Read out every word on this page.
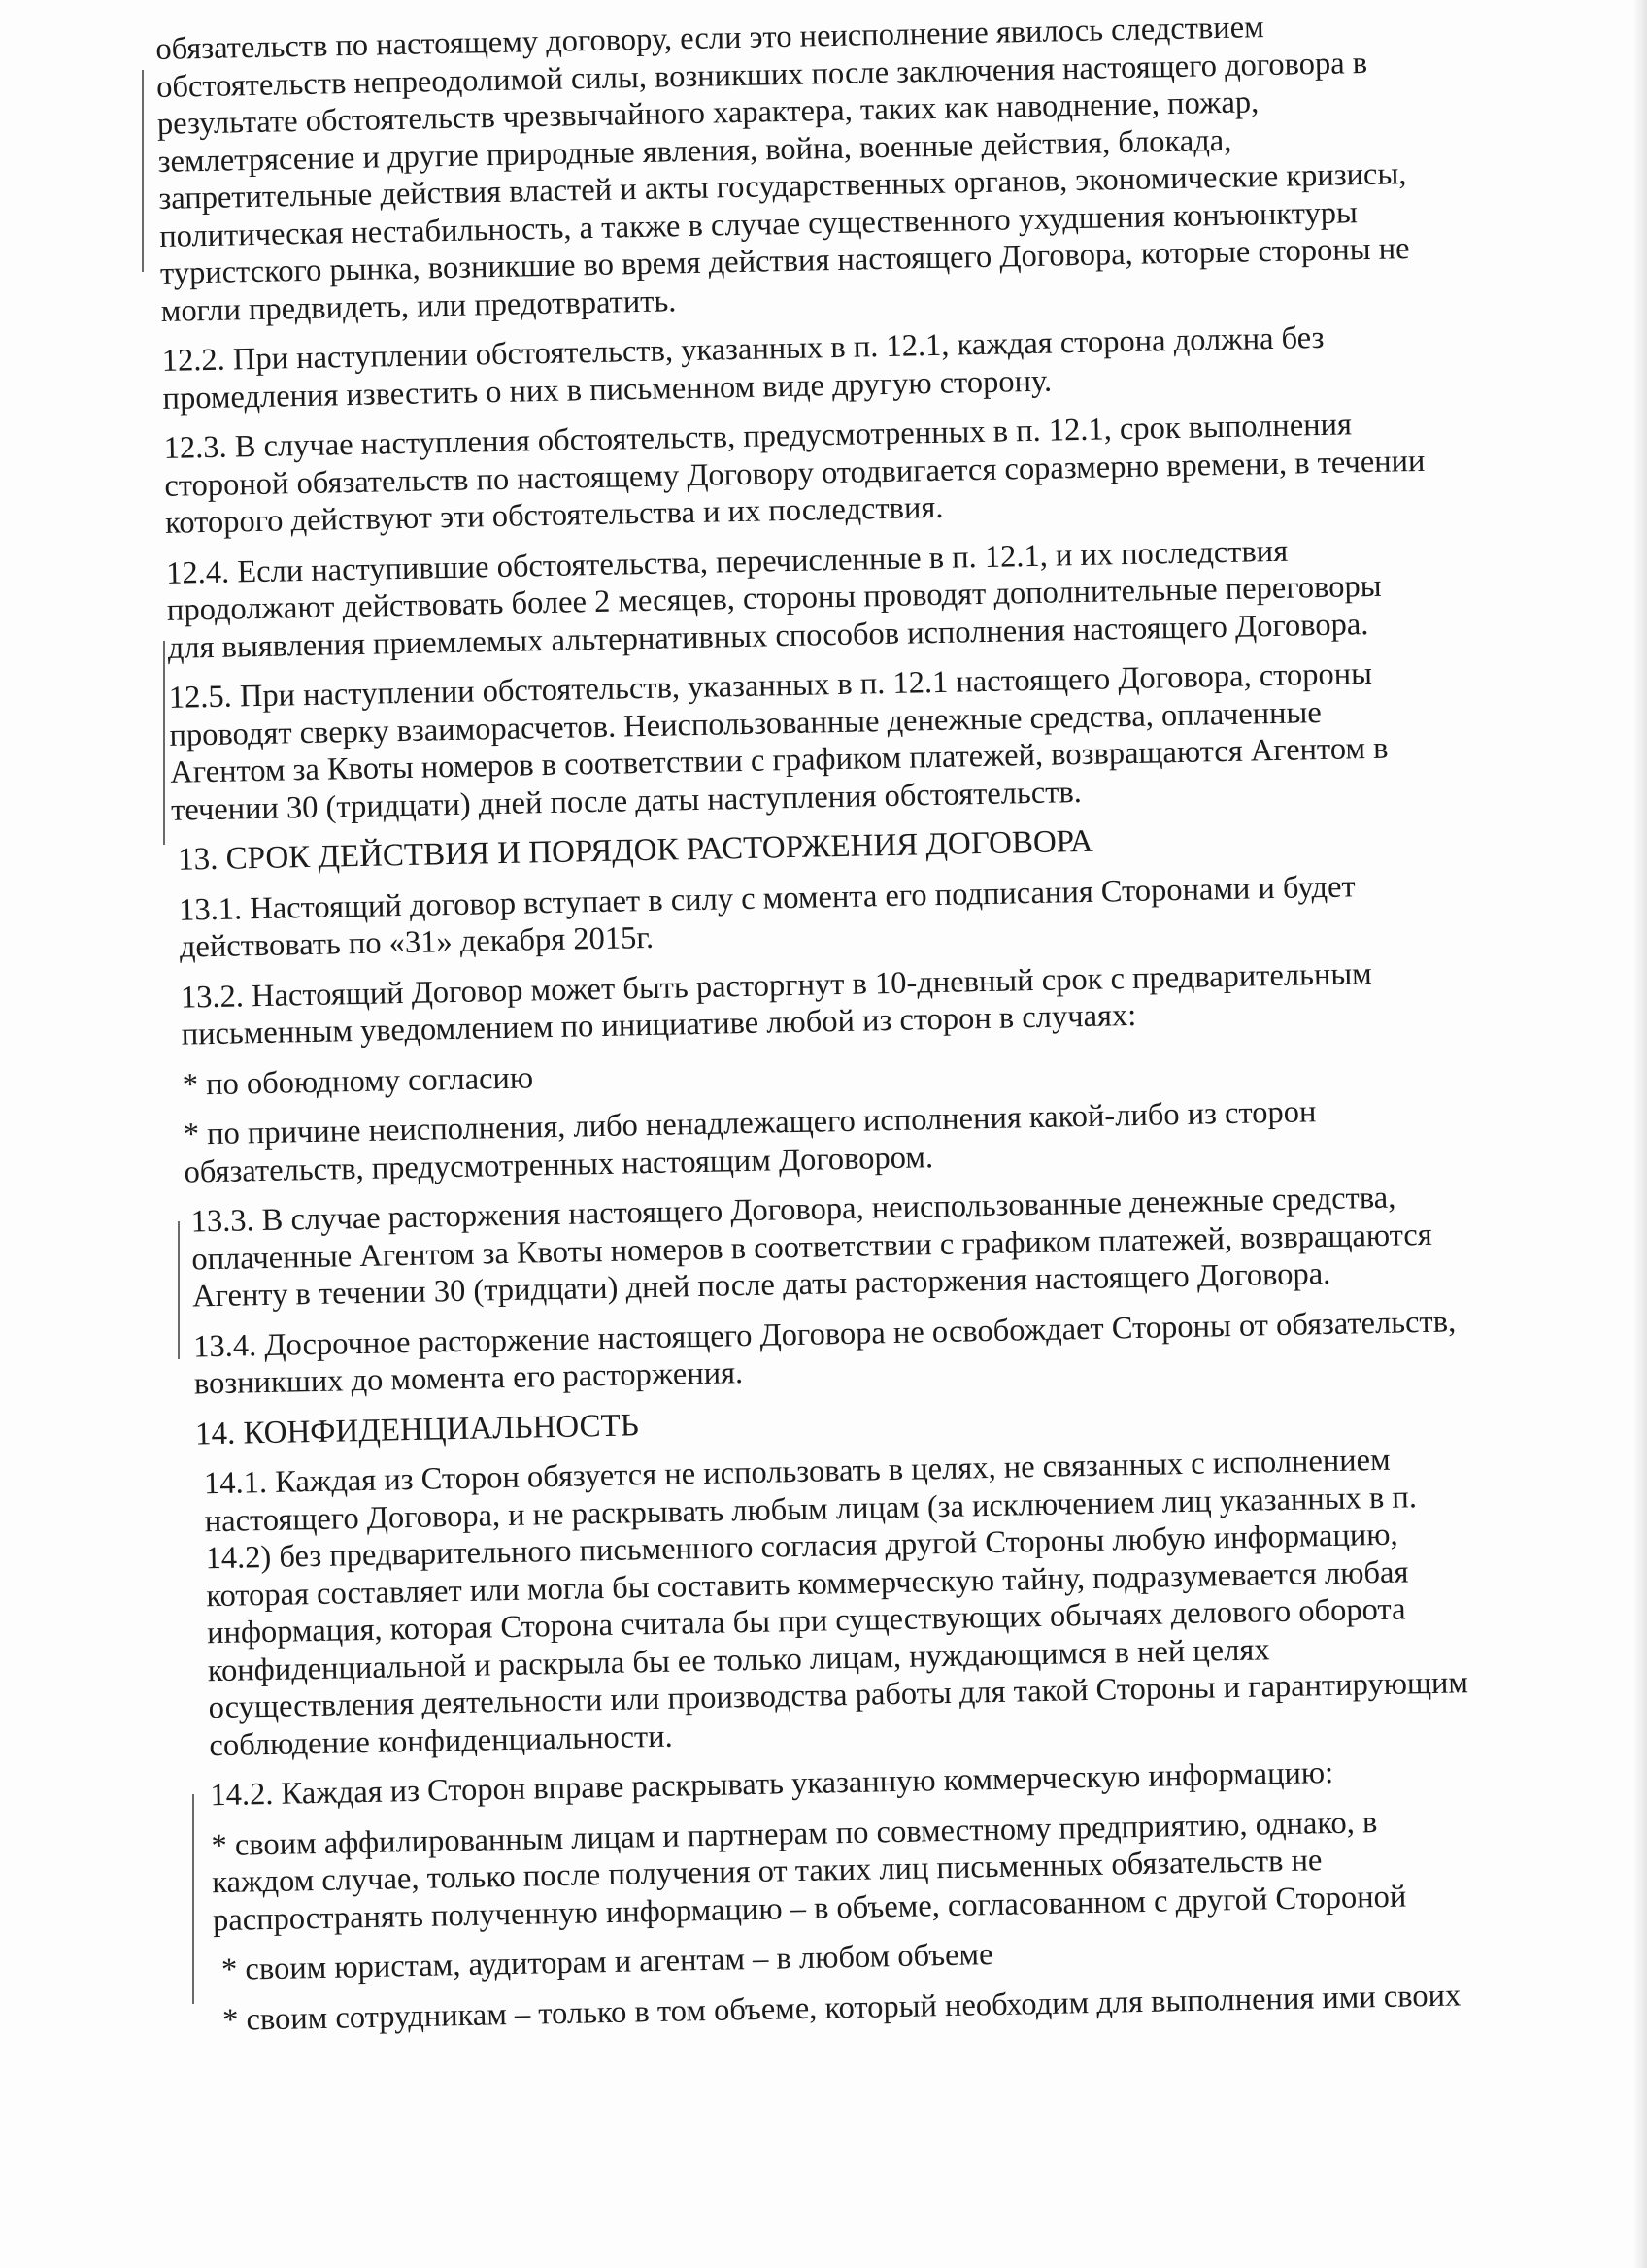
обязательств по настоящему договору, если это неисполнение явилось следствием
обстоятельств непреодолимой силы, возникших после заключения настоящего договора в
результате обстоятельств чрезвычайного характера, таких как наводнение, пожар,
землетрясение и другие природные явления, война, военные действия, блокада,
запретительные действия властей и акты государственных органов, экономические кризисы,
политическая нестабильность, а также в случае существенного ухудшения конъюнктуры
туристского рынка, возникшие во время действия настоящего Договора, которые стороны не
могли предвидеть, или предотвратить.

12.2. При наступлении обстоятельств, указанных в п. 12.1, каждая сторона должна без
промедления известить о них в письменном виде другую сторону.

12.3. В случае наступления обстоятельств, предусмотренных в п. 12.1, срок выполнения
стороной обязательств по настоящему Договору отодвигается соразмерно времени, в течении
которого действуют эти обстоятельства и их последствия.

12.4. Если наступившие обстоятельства, перечисленные в п. 12.1, и их последствия
продолжают действовать более 2 месяцев, стороны проводят дополнительные переговоры
для выявления приемлемых альтернативных способов исполнения настоящего Договора.

12.5. При наступлении обстоятельств, указанных в п. 12.1 настоящего Договора, стороны
проводят сверку взаиморасчетов. Неиспользованные денежные средства, оплаченные
Агентом за Квоты номеров в соответствии с графиком платежей, возвращаются Агентом в
течении 30 (тридцати) дней после даты наступления обстоятельств.

13. СРОК ДЕЙСТВИЯ И ПОРЯДОК РАСТОРЖЕНИЯ ДОГОВОРА

13.1. Настоящий договор вступает в силу с момента его подписания Сторонами и будет
действовать по «31» декабря 2015г.

13.2. Настоящий Договор может быть расторгнут в 10-дневный срок с предварительным
письменным уведомлением по инициативе любой из сторон в случаях:

* по обоюдному согласию

* по причине неисполнения, либо ненадлежащего исполнения какой-либо из сторон
обязательств, предусмотренных настоящим Договором.

13.3. В случае расторжения настоящего Договора, неиспользованные денежные средства,
оплаченные Агентом за Квоты номеров в соответствии с графиком платежей, возвращаются
Агенту в течении 30 (тридцати) дней после даты расторжения настоящего Договора.

13.4. Досрочное расторжение настоящего Договора не освобождает Стороны от обязательств,
возникших до момента его расторжения.

14. КОНФИДЕНЦИАЛЬНОСТЬ

14.1. Каждая из Сторон обязуется не использовать в целях, не связанных с исполнением
настоящего Договора, и не раскрывать любым лицам (за исключением лиц указанных в п.
14.2) без предварительного письменного согласия другой Стороны любую информацию,
которая составляет или могла бы составить коммерческую тайну, подразумевается любая
информация, которая Сторона считала бы при существующих обычаях делового оборота
конфиденциальной и раскрыла бы ее только лицам, нуждающимся в ней целях
осуществления деятельности или производства работы для такой Стороны и гарантирующим
соблюдение конфиденциальности.

14.2. Каждая из Сторон вправе раскрывать указанную коммерческую информацию:

* своим аффилированным лицам и партнерам по совместному предприятию, однако, в
каждом случае, только после получения от таких лиц письменных обязательств не
распространять полученную информацию – в объеме, согласованном с другой Стороной

* своим юристам, аудиторам и агентам – в любом объеме

* своим сотрудникам – только в том объеме, который необходим для выполнения ими своих
